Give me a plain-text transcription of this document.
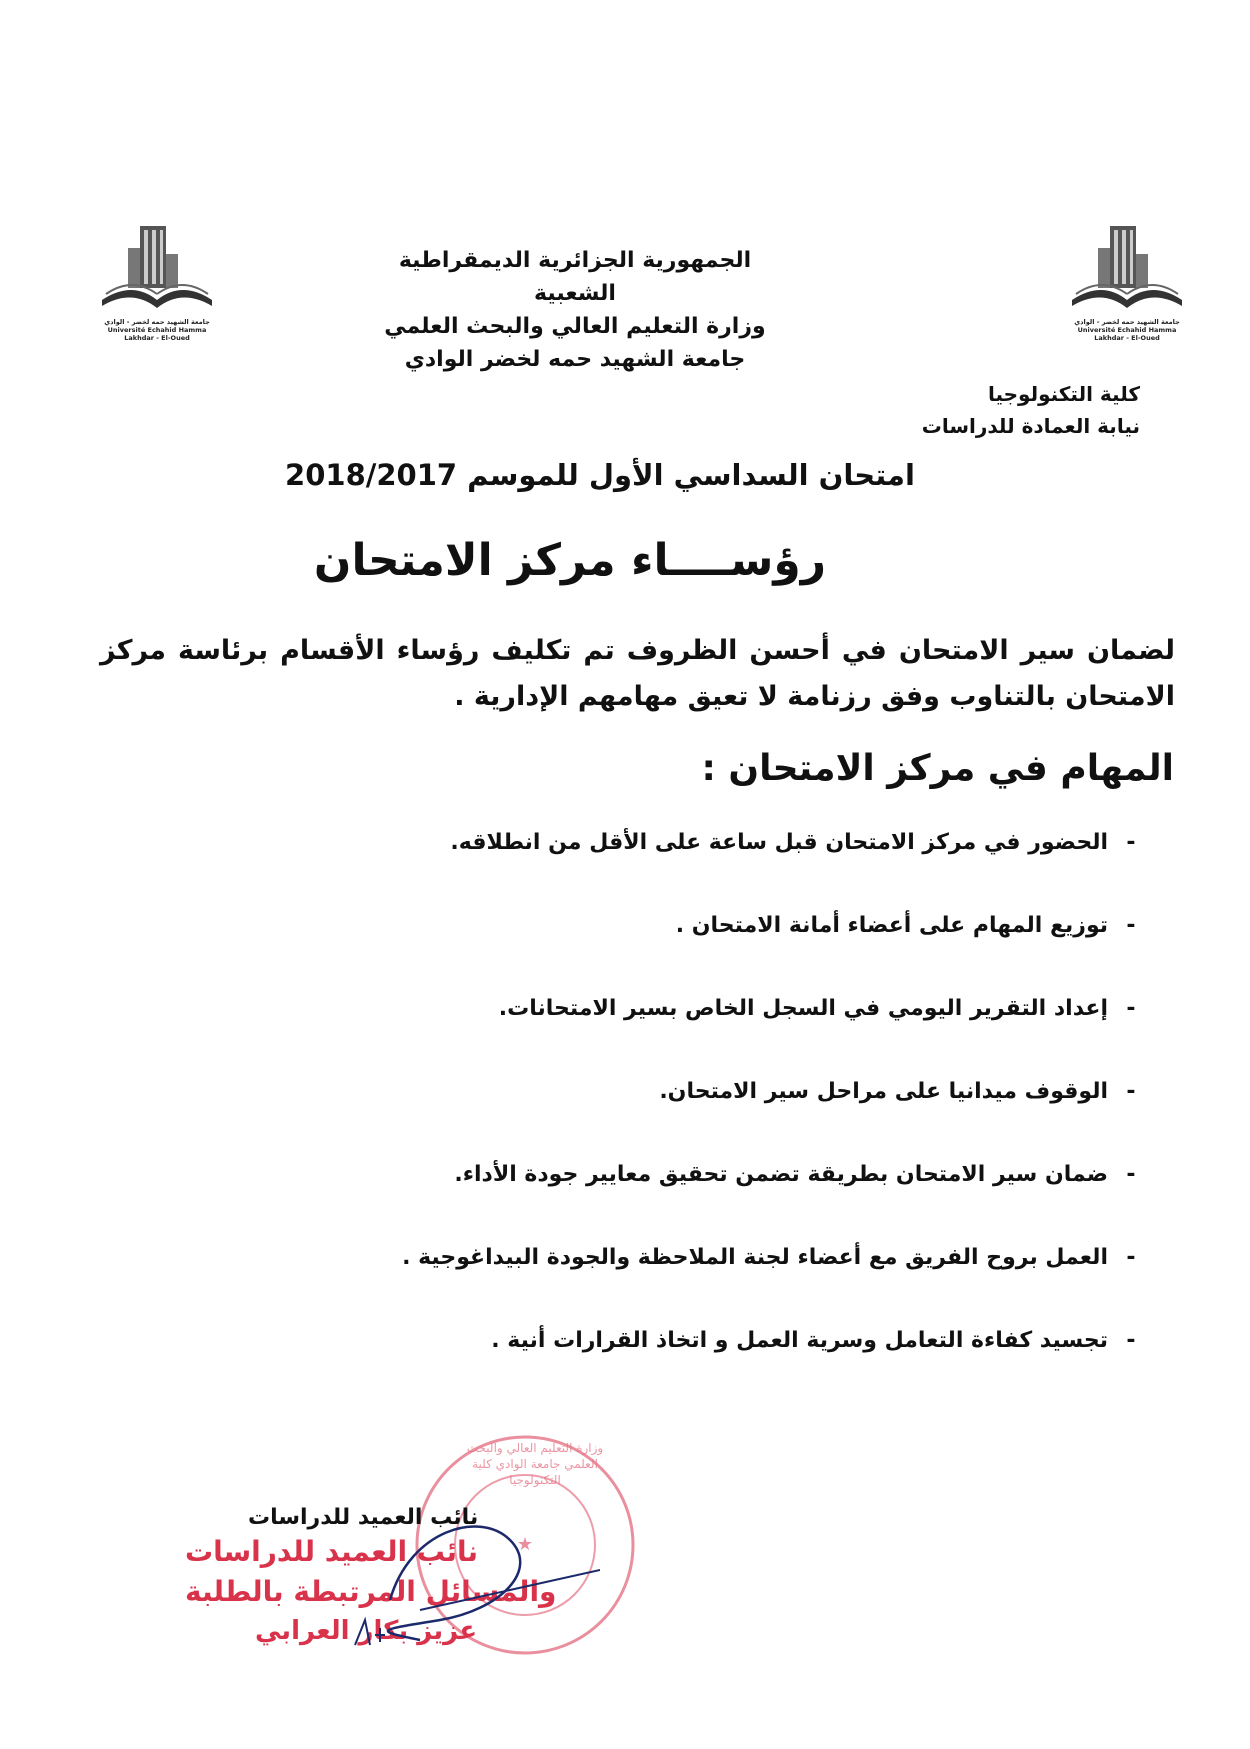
جامعة الشهيد حمه لخضر - الوادي
Université Echahid Hamma Lakhdar - El-Oued
جامعة الشهيد حمه لخضر - الوادي
Université Echahid Hamma Lakhdar - El-Oued
الجمهورية الجزائرية الديمقراطية الشعبية
وزارة التعليم العالي والبحث العلمي
جامعة الشهيد حمه لخضر الوادي
كلية التكنولوجيا
نيابة العمادة للدراسات
امتحان السداسي الأول للموسم 2018/2017
رؤســــاء مركز الامتحان
لضمان سير الامتحان في أحسن الظروف تم تكليف رؤساء الأقسام برئاسة مركز الامتحان بالتناوب وفق رزنامة لا تعيق مهامهم الإدارية .
المهام في مركز الامتحان :
-
الحضور في مركز الامتحان قبل ساعة على الأقل من انطلاقه.
-
توزيع المهام على أعضاء أمانة الامتحان .
-
إعداد التقرير اليومي في السجل الخاص بسير الامتحانات.
-
الوقوف ميدانيا على مراحل سير الامتحان.
-
ضمان سير الامتحان بطريقة تضمن تحقيق معايير جودة الأداء.
-
العمل بروح الفريق مع أعضاء لجنة الملاحظة والجودة البيداغوجية .
-
تجسيد كفاءة التعامل وسرية العمل و اتخاذ القرارات أنية .
★
وزارة التعليم العالي والبحث العلمي جامعة الوادي كلية التكنولوجيا
نائب العميد للدراسات
نائب العميد للدراسات
والمسائل المرتبطة بالطلبة
عزيز بكار العرابي
